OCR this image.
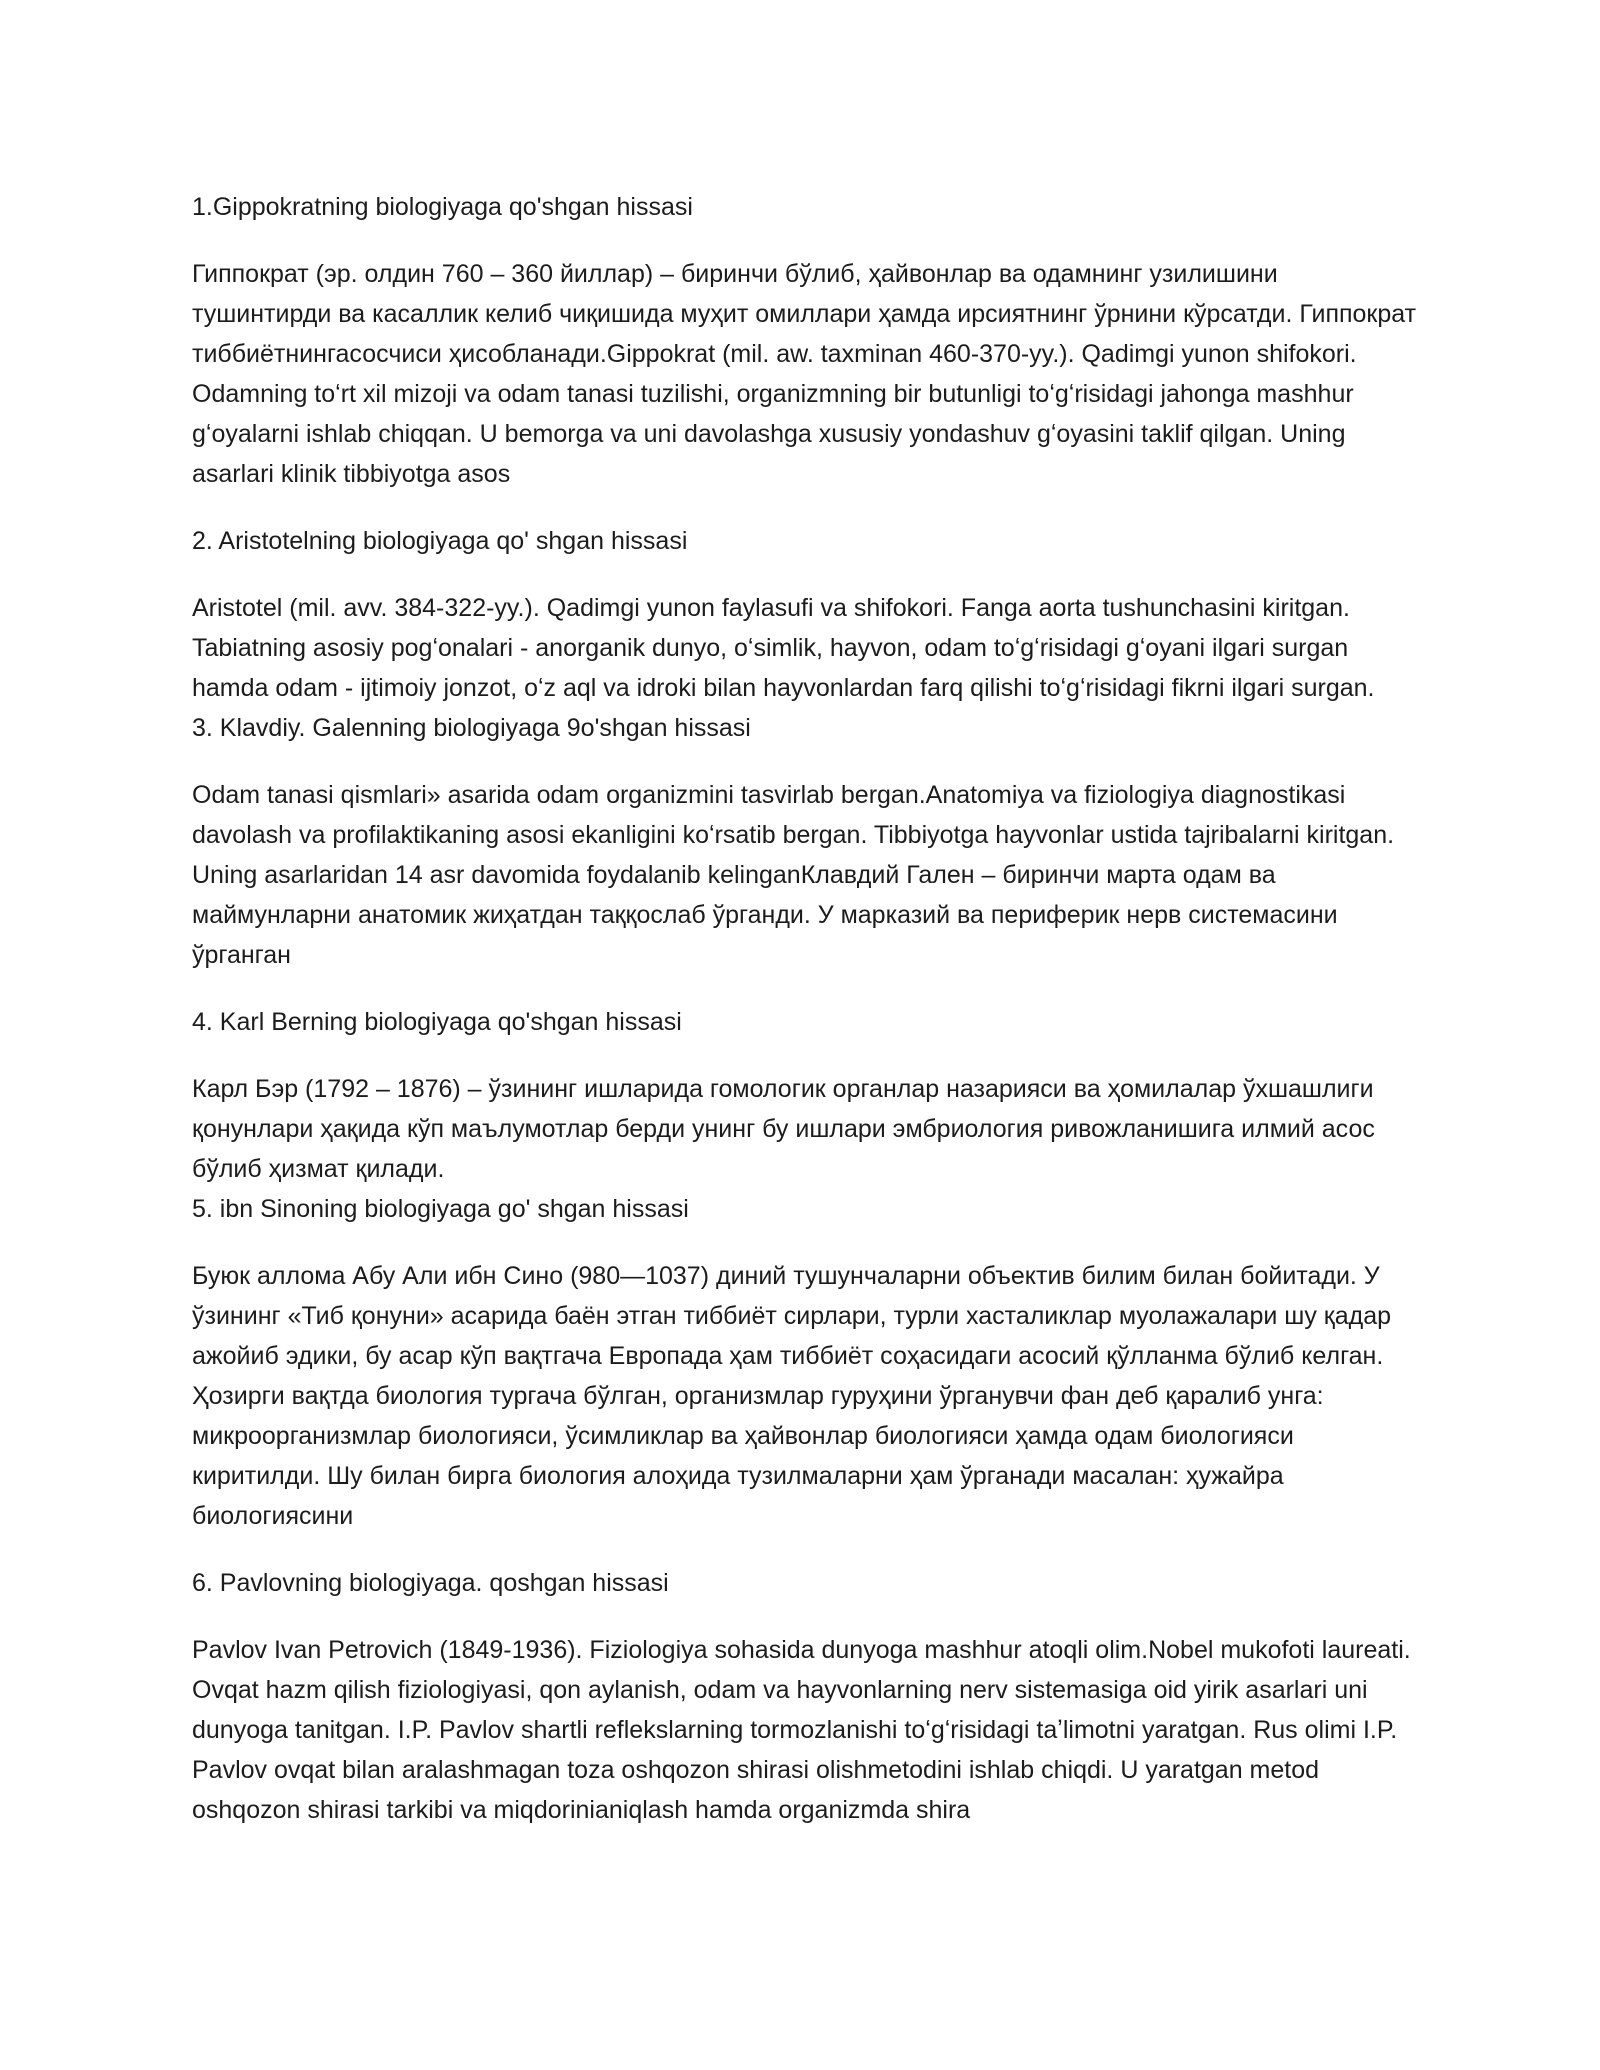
1.Gippokratning biologiyaga qo'shgan hissasi

Гиппократ (эр. олдин 760 – 360 йиллар) – биринчи бўлиб, ҳайвонлар ва одамнинг узилишини тушинтирди ва касаллик келиб чиқишида муҳит омиллари ҳамда ирсиятнинг ўрнини кўрсатди. Гиппократ тиббиётнингасосчиси ҳисобланади.Gippokrat (mil. aw. taxminan 460-370-yy.). Qadimgi yunon shifokori. Odamning toʻrt xil mizoji va odam tanasi tuzilishi, organizmning bir butunligi toʻgʻrisidagi jahonga mashhur gʻoyalarni ishlab chiqqan. U bemorga va uni davolashga xususiy yondashuv gʻoyasini taklif qilgan. Uning asarlari klinik tibbiyotga asos

2. Aristotelning biologiyaga qo' shgan hissasi

Aristotel (mil. avv. 384-322-yy.). Qadimgi yunon faylasufi va shifokori. Fanga aorta tushunchasini kiritgan. Tabiatning asosiy pogʻonalari - anorganik dunyo, oʻsimlik, hayvon, odam toʻgʻrisidagi gʻoyani ilgari surgan hamda odam - ijtimoiy jonzot, oʻz aql va idroki bilan hayvonlardan farq qilishi toʻgʻrisidagi fikrni ilgari surgan.

3. Klavdiy. Galenning biologiyaga 9o'shgan hissasi

Odam tanasi qismlari» asarida odam organizmini tasvirlab bergan.Anatomiya va fiziologiya diagnostikasi davolash va profilaktikaning asosi ekanligini koʻrsatib bergan. Tibbiyotga hayvonlar ustida tajribalarni kiritgan. Uning asarlaridan 14 asr davomida foydalanib kelinganКлавдий Гален – биринчи марта одам ва маймунларни анатомик жиҳатдан таққослаб ўрганди. У марказий ва периферик нерв системасини ўрганган

4. Karl Berning biologiyaga qo'shgan hissasi

Карл Бэр (1792 – 1876) – ўзининг ишларида гомологик органлар назарияси ва ҳомилалар ўхшашлиги қонунлари ҳақида кўп маълумотлар берди унинг бу ишлари эмбриология ривожланишига илмий асос бўлиб ҳизмат қилади.

5. ibn Sinoning biologiyaga go' shgan hissasi

Буюк аллома Абу Али ибн Сино (980—1037) диний тушунчаларни объектив билим билан бойитади. У ўзининг «Тиб қонуни» асарида баён этган тиббиёт сирлари, турли хасталиклар муолажалари шу қадар ажойиб эдики, бу асар кўп вақтгача Европада ҳам тиббиёт соҳасидаги асосий қўлланма бўлиб келган. Ҳозирги вақтда биология тургача бўлган, организмлар гуруҳини ўрганувчи фан деб қаралиб унга: микроорганизмлар биологияси, ўсимликлар ва ҳайвонлар биологияси ҳамда одам биологияси киритилди. Шу билан бирга биология алоҳида тузилмаларни ҳам ўрганади масалан: ҳужайра биологиясини

6. Pavlovning biologiyaga. qoshgan hissasi

Pavlov Ivan Petrovich (1849-1936). Fiziologiya sohasida dunyoga mashhur atoqli olim.Nobel mukofoti laureati. Ovqat hazm qilish fiziologiyasi, qon aylanish, odam va hayvonlarning nerv sistemasiga oid yirik asarlari uni dunyoga tanitgan. I.P. Pavlov shartli reflekslarning tormozlanishi toʻgʻrisidagi taʼlimotni yaratgan. Rus olimi I.P. Pavlov ovqat bilan aralashmagan toza oshqozon shirasi olishmetodini ishlab chiqdi. U yaratgan metod oshqozon shirasi tarkibi va miqdorinianiqlash hamda organizmda shira
